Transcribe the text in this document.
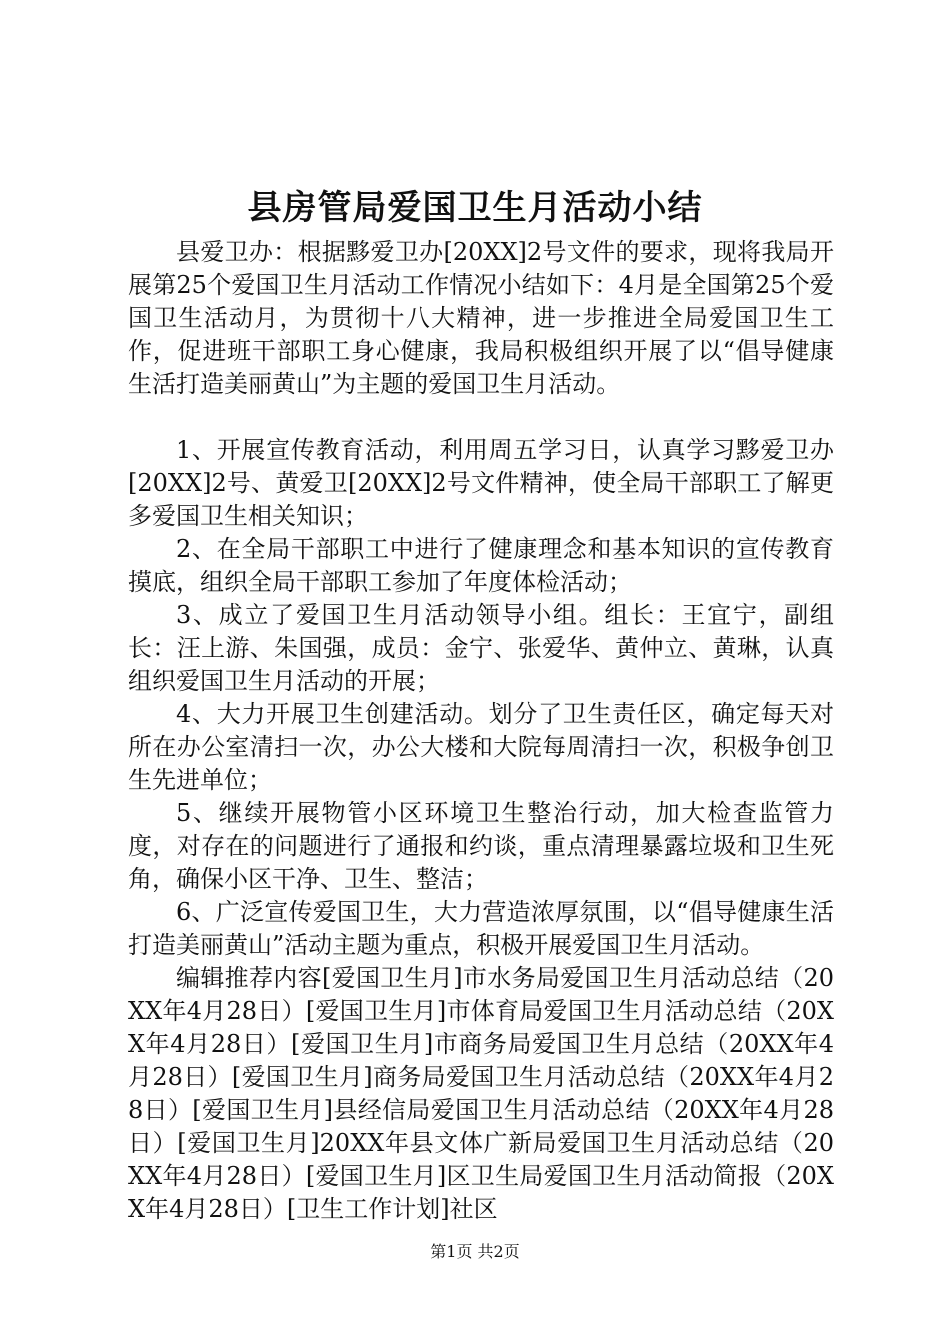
县房管局爱国卫生月活动小结

县爱卫办：根据黟爱卫办[20XX]2号文件的要求，现将我局开展第25个爱国卫生月活动工作情况小结如下：4月是全国第25个爱国卫生活动月，为贯彻十八大精神，进一步推进全局爱国卫生工作，促进班干部职工身心健康，我局积极组织开展了以“倡导健康生活打造美丽黄山”为主题的爱国卫生月活动。

1、开展宣传教育活动，利用周五学习日，认真学习黟爱卫办[20XX]2号、黄爱卫[20XX]2号文件精神，使全局干部职工了解更多爱国卫生相关知识；

2、在全局干部职工中进行了健康理念和基本知识的宣传教育摸底，组织全局干部职工参加了年度体检活动；

3、成立了爱国卫生月活动领导小组。组长：王宜宁，副组长：汪上游、朱国强，成员：金宁、张爱华、黄仲立、黄琳，认真组织爱国卫生月活动的开展；

4、大力开展卫生创建活动。划分了卫生责任区，确定每天对所在办公室清扫一次，办公大楼和大院每周清扫一次，积极争创卫生先进单位；

5、继续开展物管小区环境卫生整治行动，加大检查监管力度，对存在的问题进行了通报和约谈，重点清理暴露垃圾和卫生死角，确保小区干净、卫生、整洁；

6、广泛宣传爱国卫生，大力营造浓厚氛围，以“倡导健康生活打造美丽黄山”活动主题为重点，积极开展爱国卫生月活动。

编辑推荐内容[爱国卫生月]市水务局爱国卫生月活动总结（20XX年4月28日）[爱国卫生月]市体育局爱国卫生月活动总结（20XX年4月28日）[爱国卫生月]市商务局爱国卫生月总结（20XX年4月28日）[爱国卫生月]商务局爱国卫生月活动总结（20XX年4月28日）[爱国卫生月]县经信局爱国卫生月活动总结（20XX年4月28日）[爱国卫生月]20XX年县文体广新局爱国卫生月活动总结（20XX年4月28日）[爱国卫生月]区卫生局爱国卫生月活动简报（20XX年4月28日）[卫生工作计划]社区

第1页 共2页
